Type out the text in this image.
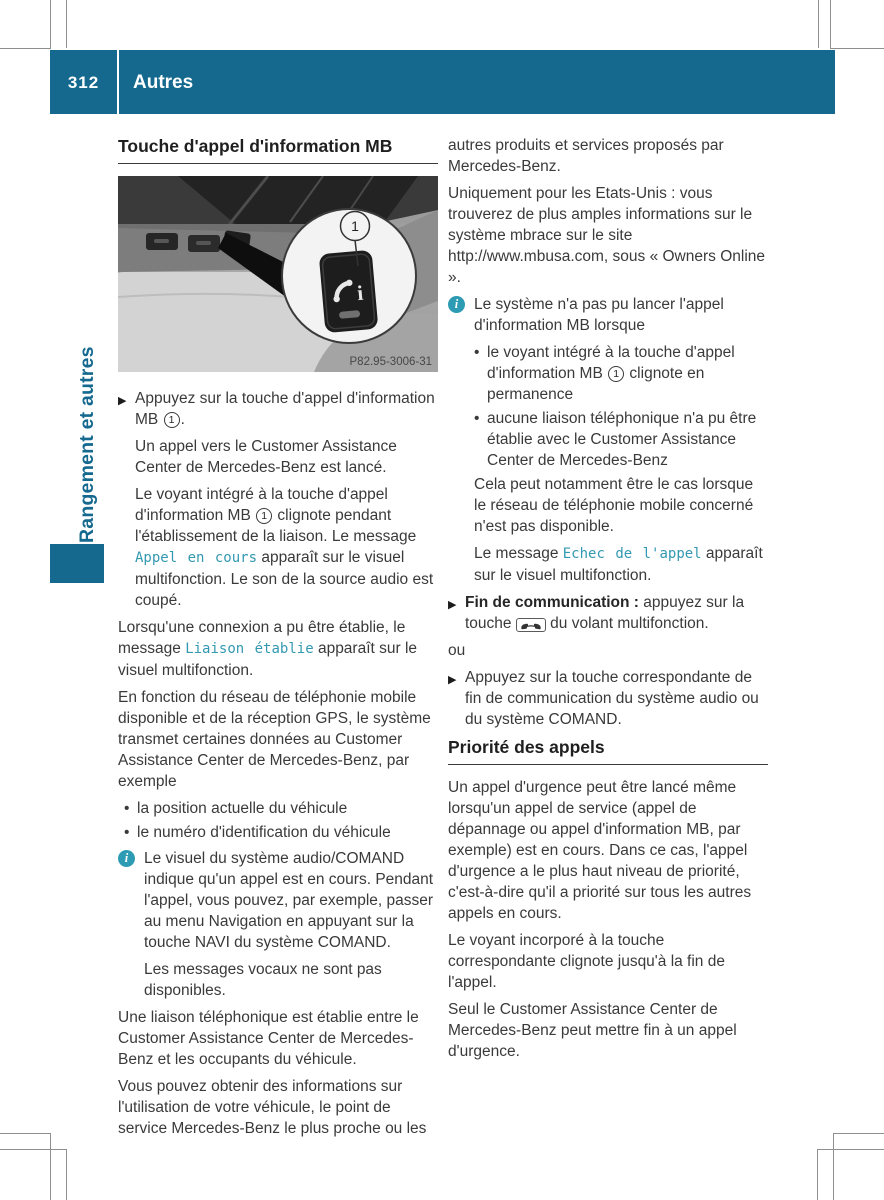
312	Autres
Rangement et autres
Touche d'appel d'information MB
i
1
P82.95-3006-31
▶ Appuyez sur la touche d'appel d'information MB 1 .
Un appel vers le Customer Assistance Center de Mercedes-Benz est lancé.
Le voyant intégré à la touche d'appel d'information MB 1 clignote pendant l'établissement de la liaison. Le message Appel en cours apparaît sur le visuel multifonction. Le son de la source audio est coupé.

Lorsqu'une connexion a pu être établie, le message Liaison établie apparaît sur le visuel multifonction.

En fonction du réseau de téléphonie mobile disponible et de la réception GPS, le système transmet certaines données au Customer Assistance Center de Mercedes-Benz, par exemple

• la position actuelle du véhicule
• le numéro d'identification du véhicule
i	Le visuel du système audio/COMAND indique qu'un appel est en cours. Pendant l'appel, vous pouvez, par exemple, passer au menu Navigation en appuyant sur la touche NAVI du système COMAND.
Les messages vocaux ne sont pas disponibles.

Une liaison téléphonique est établie entre le Customer Assistance Center de Mercedes-Benz et les occupants du véhicule.

Vous pouvez obtenir des informations sur l'utilisation de votre véhicule, le point de service Mercedes-Benz le plus proche ou les

autres produits et services proposés par Mercedes-Benz.

Uniquement pour les Etats-Unis : vous trouverez de plus amples informations sur le système mbrace sur le site http://www.mbusa.com, sous « Owners Online ».

i	Le système n'a pas pu lancer l'appel d'information MB lorsque
• le voyant intégré à la touche d'appel d'information MB 1 clignote en permanence
• aucune liaison téléphonique n'a pu être établie avec le Customer Assistance Center de Mercedes-Benz
Cela peut notamment être le cas lorsque le réseau de téléphonie mobile concerné n'est pas disponible.
Le message Echec de l'appel apparaît sur le visuel multifonction.
▶ Fin de communication : appuyez sur la touche  du volant multifonction.

ou

▶ Appuyez sur la touche correspondante de fin de communication du système audio ou du système COMAND.
Priorité des appels

Un appel d'urgence peut être lancé même lorsqu'un appel de service (appel de dépannage ou appel d'information MB, par exemple) est en cours. Dans ce cas, l'appel d'urgence a le plus haut niveau de priorité, c'est-à-dire qu'il a priorité sur tous les autres appels en cours.

Le voyant incorporé à la touche correspondante clignote jusqu'à la fin de l'appel.

Seul le Customer Assistance Center de Mercedes-Benz peut mettre fin à un appel d'urgence.
